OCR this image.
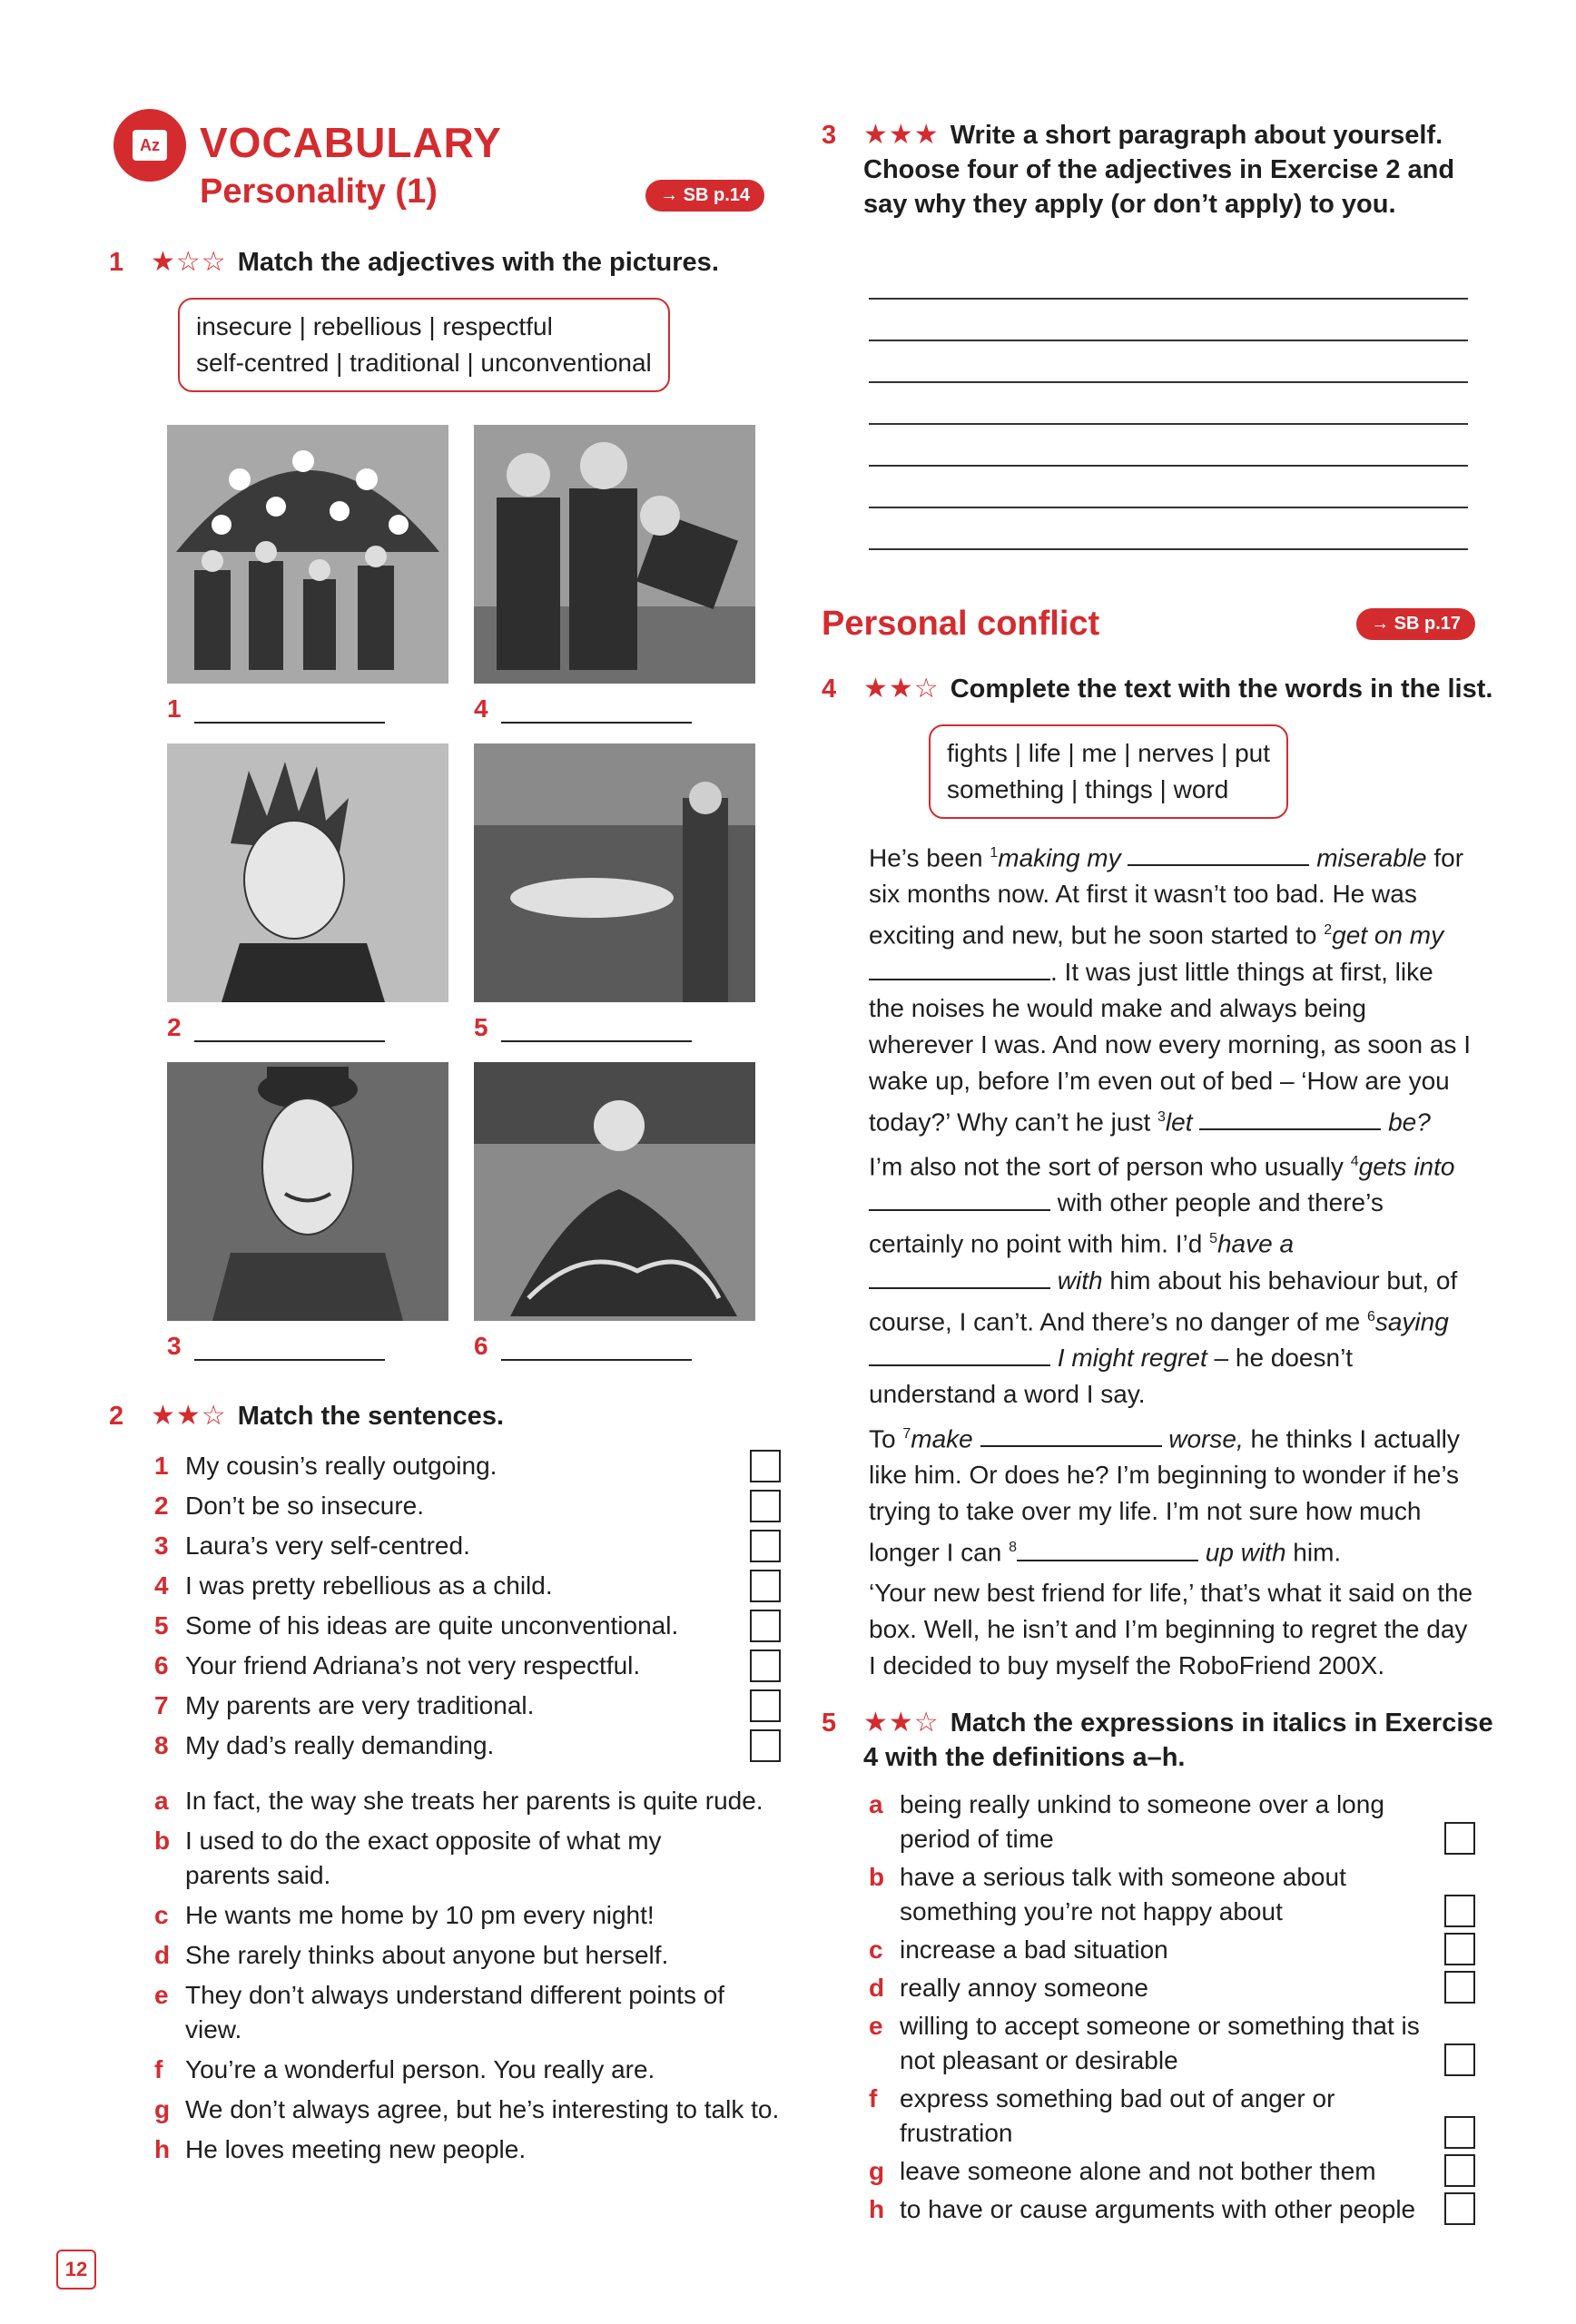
Az VOCABULARY
Personality (1)	→ SB p.14
1 ★☆☆ Match the adjectives with the pictures.
insecure | rebellious | respectful
self-centred | traditional | unconventional
1	4
2	5
3	6
2 ★★☆ Match the sentences.
1 My cousin’s really outgoing.
2 Don’t be so insecure.
3 Laura’s very self-centred.
4 I was pretty rebellious as a child.
5 Some of his ideas are quite unconventional.
6 Your friend Adriana’s not very respectful.
7 My parents are very traditional.
8 My dad’s really demanding.
a In fact, the way she treats her parents is quite rude.
b I used to do the exact opposite of what my parents said.
c He wants me home by 10 pm every night!
d She rarely thinks about anyone but herself.
e They don’t always understand different points of view.
f You’re a wonderful person. You really are.
g We don’t always agree, but he’s interesting to talk to.
h He loves meeting new people.
3 ★★★ Write a short paragraph about yourself. Choose four of the adjectives in Exercise 2 and say why they apply (or don’t apply) to you.
Personal conflict	→ SB p.17
4 ★★☆ Complete the text with the words in the list.
fights | life | me | nerves | put
something | things | word

He’s been $^1$making my	miserable for six months now. At first it wasn’t too bad. He was exciting and new, but he soon started to $^2$get on my . It was just little things at first, like the noises he would make and always being wherever I was. And now every morning, as soon as I wake up, before I’m even out of bed – ‘How are you today?’ Why can’t he just $^3$let	be?

I’m also not the sort of person who usually $^4$gets into  with other people and there’s certainly no point with him. I’d $^5$have a  with him about his behaviour but, of course, I can’t. And there’s no danger of me $^6$saying  I might regret – he doesn’t understand a word I say.

To $^7$make	worse, he thinks I actually like him. Or does he? I’m beginning to wonder if he’s trying to take over my life. I’m not sure how much longer I can $^8$	up with him.

‘Your new best friend for life,’ that’s what it said on the box. Well, he isn’t and I’m beginning to regret the day I decided to buy myself the RoboFriend 200X.

5 ★★☆ Match the expressions in italics in Exercise 4 with the definitions a–h.
a being really unkind to someone over a long period of time
b have a serious talk with someone about something you’re not happy about
c increase a bad situation
d really annoy someone
e willing to accept someone or something that is not pleasant or desirable
f express something bad out of anger or frustration
g leave someone alone and not bother them
h to have or cause arguments with other people
12
